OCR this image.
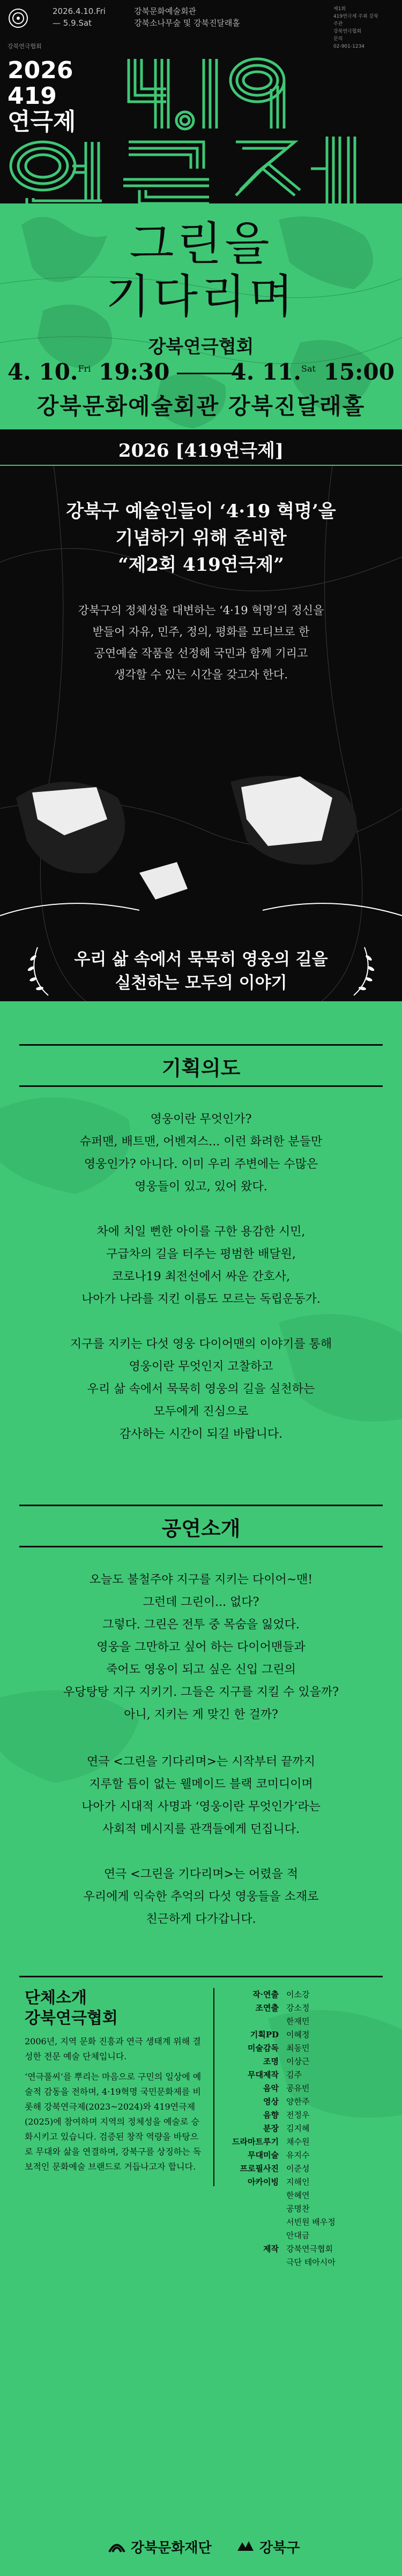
2026.4.10.Fri
— 5.9.Sat
강북문화예술회관
강북소나무숲 및 강북진달래홀
제1회
419연극제 주최 강북
주관
강북연극협회
문의
02-901-1234
강북연극협회
2026
419
연극제
4.19 연극제
그린을
기다리며
강북연극협회
4. 10.$^{Fri}$ 19:30	4. 11.$^{Sat}$ 15:00
강북문화예술회관 강북진달래홀
2026 [419연극제]
강북구 예술인들이 ‘4·19 혁명’을
기념하기 위해 준비한
“제2회 419연극제”
강북구의 정체성을 대변하는 ‘4·19 혁명’의 정신을
받들어 자유, 민주, 정의, 평화를 모티브로 한
공연예술 작품을 선정해 국민과 함께 기리고
생각할 수 있는 시간을 갖고자 한다.
우리 삶 속에서 묵묵히 영웅의 길을
실천하는 모두의 이야기
기획의도
영웅이란 무엇인가?
슈퍼맨, 배트맨, 어벤져스... 이런 화려한 분들만
영웅인가? 아니다. 이미 우리 주변에는 수많은
영웅들이 있고, 있어 왔다.
차에 치일 뻔한 아이를 구한 용감한 시민,
구급차의 길을 터주는 평범한 배달원,
코로나19 최전선에서 싸운 간호사,
나아가 나라를 지킨 이름도 모르는 독립운동가.
지구를 지키는 다섯 영웅 다이어맨의 이야기를 통해
영웅이란 무엇인지 고찰하고
우리 삶 속에서 묵묵히 영웅의 길을 실천하는
모두에게 진심으로
감사하는 시간이 되길 바랍니다.
공연소개
오늘도 불철주야 지구를 지키는 다이어~맨!
그런데 그린이... 없다?
그렇다. 그린은 전투 중 목숨을 잃었다.
영웅을 그만하고 싶어 하는 다이어맨들과
죽어도 영웅이 되고 싶은 신입 그린의
우당탕탕 지구 지키기. 그들은 지구를 지킬 수 있을까?
아니, 지키는 게 맞긴 한 걸까?
연극 <그린을 기다리며>는 시작부터 끝까지
지루할 틈이 없는 웰메이드 블랙 코미디이며
나아가 시대적 사명과 ‘영웅이란 무엇인가’라는
사회적 메시지를 관객들에게 던집니다.
연극 <그린을 기다리며>는 어렸을 적
우리에게 익숙한 추억의 다섯 영웅들을 소재로
친근하게 다가갑니다.
단체소개
강북연극협회
2006년, 지역 문화 진흥과 연극 생태계 위해 결성한 전문 예술 단체입니다.
‘연극풀씨’를 뿌리는 마음으로 구민의 일상에 예술적 감동을 전하며, 4·19혁명 국민문화제를 비롯해 강북연극제(2023~2024)와 419연극제(2025)에 참여하며 지역의 정체성을 예술로 승화시키고 있습니다. 검증된 창작 역량을 바탕으로 무대와 삶을 연결하며, 강북구를 상징하는 독보적인 문화예술 브랜드로 거듭나고자 합니다.
작·연출 이소강
조연출 강소정
한재민
기획PD 이혜정
미술감독 최동민
조명 이상근
무대제작 김주
음악 공유빈
영상 양한주
음향 전정우
분장 김지혜
드라마트루기 채수원
무대미술 유지수
프로필사진 이준성
아카이빙 지해인
한혜연
공명찬
서빈원 배우정
안대금
제작 강북연극협회
극단 테아시아
강북문화재단	강북구
